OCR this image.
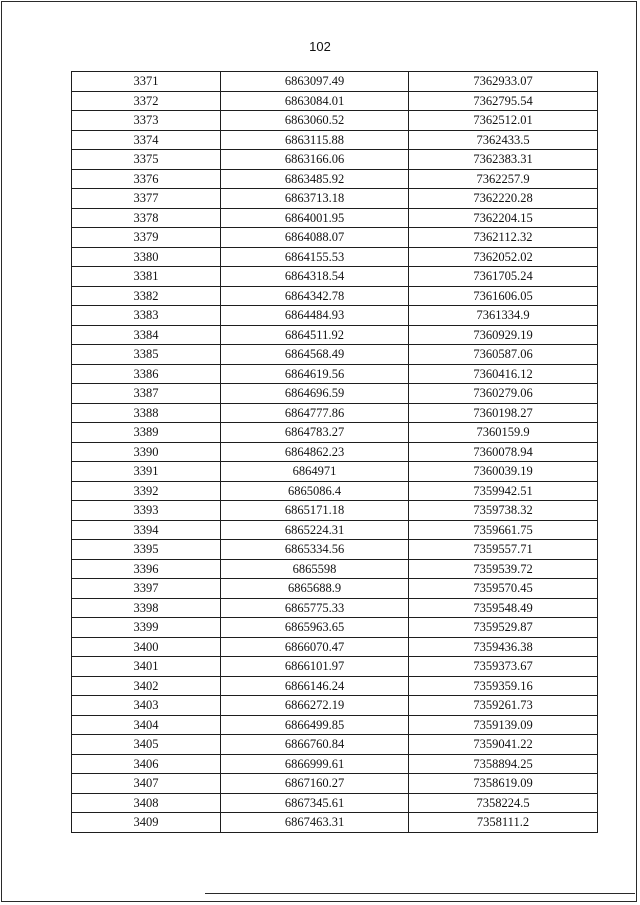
102
3371	6863097.49	7362933.07
3372	6863084.01	7362795.54
3373	6863060.52	7362512.01
3374	6863115.88	7362433.5
3375	6863166.06	7362383.31
3376	6863485.92	7362257.9
3377	6863713.18	7362220.28
3378	6864001.95	7362204.15
3379	6864088.07	7362112.32
3380	6864155.53	7362052.02
3381	6864318.54	7361705.24
3382	6864342.78	7361606.05
3383	6864484.93	7361334.9
3384	6864511.92	7360929.19
3385	6864568.49	7360587.06
3386	6864619.56	7360416.12
3387	6864696.59	7360279.06
3388	6864777.86	7360198.27
3389	6864783.27	7360159.9
3390	6864862.23	7360078.94
3391	6864971	7360039.19
3392	6865086.4	7359942.51
3393	6865171.18	7359738.32
3394	6865224.31	7359661.75
3395	6865334.56	7359557.71
3396	6865598	7359539.72
3397	6865688.9	7359570.45
3398	6865775.33	7359548.49
3399	6865963.65	7359529.87
3400	6866070.47	7359436.38
3401	6866101.97	7359373.67
3402	6866146.24	7359359.16
3403	6866272.19	7359261.73
3404	6866499.85	7359139.09
3405	6866760.84	7359041.22
3406	6866999.61	7358894.25
3407	6867160.27	7358619.09
3408	6867345.61	7358224.5
3409	6867463.31	7358111.2
